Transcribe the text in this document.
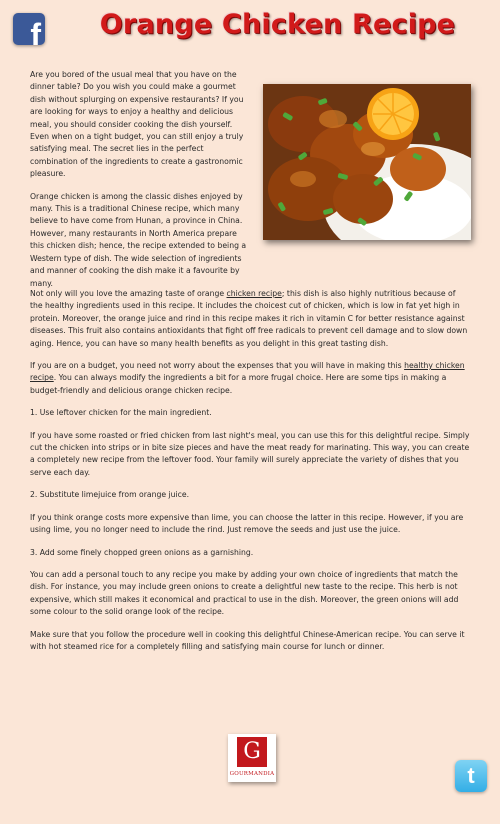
f	Orange Chicken Recipe

Are you bored of the usual meal that you have on the dinner table? Do you wish you could make a gourmet dish without splurging on expensive restaurants? If you are looking for ways to enjoy a healthy and delicious meal, you should consider cooking the dish yourself. Even when on a tight budget, you can still enjoy a truly satisfying meal. The secret lies in the perfect combination of the ingredients to create a gastronomic pleasure.

Orange chicken is among the classic dishes enjoyed by many. This is a traditional Chinese recipe, which many believe to have come from Hunan, a province in China. However, many restaurants in North America prepare this chicken dish; hence, the recipe extended to being a Western type of dish. The wide selection of ingredients and manner of cooking the dish make it a favourite by many.

Not only will you love the amazing taste of orange chicken recipe; this dish is also highly nutritious because of the healthy ingredients used in this recipe. It includes the choicest cut of chicken, which is low in fat yet high in protein. Moreover, the orange juice and rind in this recipe makes it rich in vitamin C for better resistance against diseases. This fruit also contains antioxidants that fight off free radicals to prevent cell damage and to slow down aging. Hence, you can have so many health benefits as you delight in this great tasting dish.

If you are on a budget, you need not worry about the expenses that you will have in making this healthy chicken recipe. You can always modify the ingredients a bit for a more frugal choice. Here are some tips in making a budget-friendly and delicious orange chicken recipe.

1. Use leftover chicken for the main ingredient.

If you have some roasted or fried chicken from last night's meal, you can use this for this delightful recipe. Simply cut the chicken into strips or in bite size pieces and have the meat ready for marinating. This way, you can create a completely new recipe from the leftover food. Your family will surely appreciate the variety of dishes that you serve each day.

2. Substitute limejuice from orange juice.

If you think orange costs more expensive than lime, you can choose the latter in this recipe. However, if you are using lime, you no longer need to include the rind. Just remove the seeds and just use the juice.

3. Add some finely chopped green onions as a garnishing.

You can add a personal touch to any recipe you make by adding your own choice of ingredients that match the dish. For instance, you may include green onions to create a delightful new taste to the recipe. This herb is not expensive, which still makes it economical and practical to use in the dish. Moreover, the green onions will add some colour to the solid orange look of the recipe.

Make sure that you follow the procedure well in cooking this delightful Chinese-American recipe. You can serve it with hot steamed rice for a completely filling and satisfying main course for lunch or dinner.

G
GOURMANDIA	t
